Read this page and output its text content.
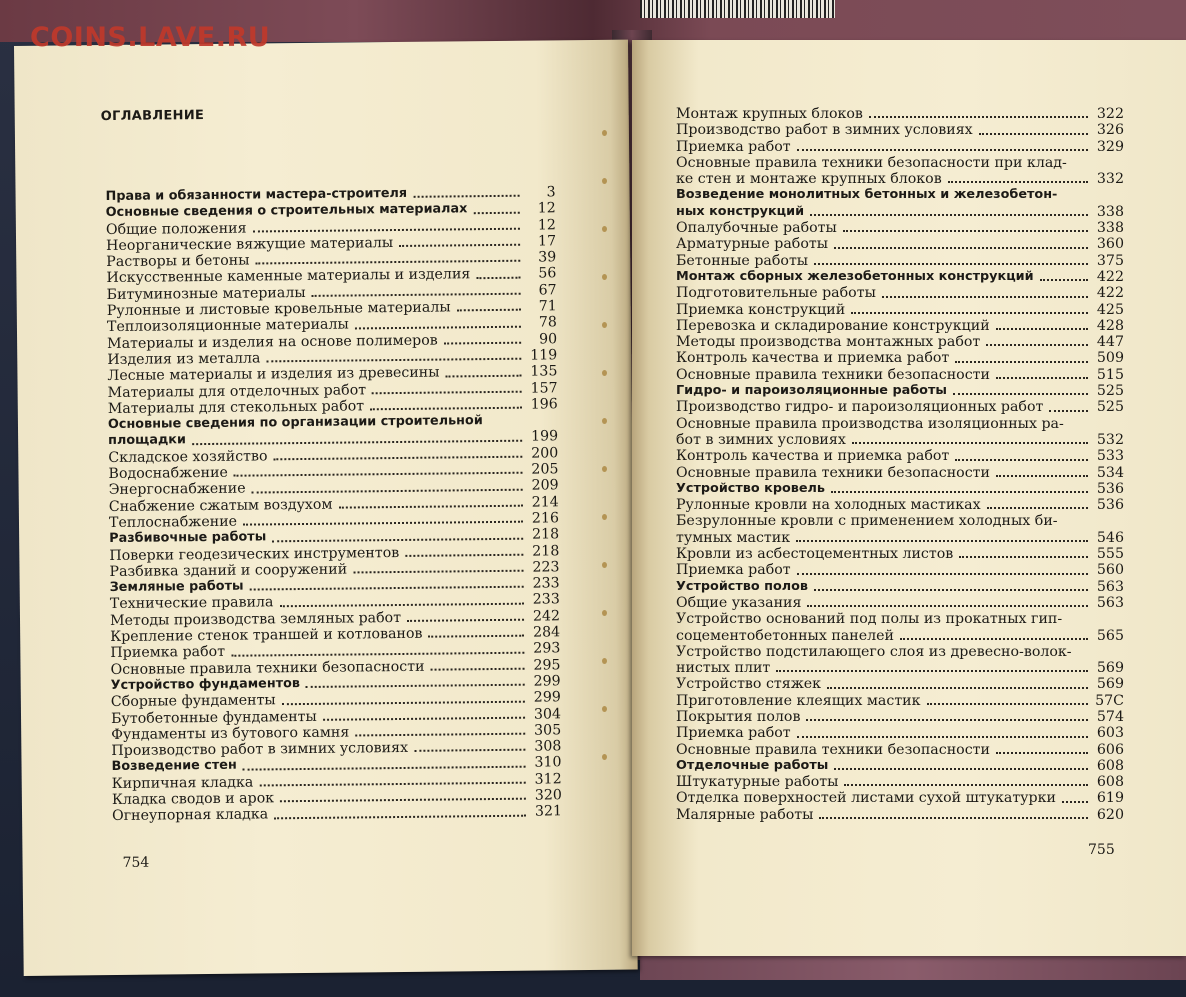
ОГЛАВЛЕНИЕ
Права и обязанности мастера-строителя	3
Основные сведения о строительных материалах	12
Общие положения	12
Неорганические вяжущие материалы	17
Растворы и бетоны	39
Искусственные каменные материалы и изделия	56
Битуминозные материалы	67
Рулонные и листовые кровельные материалы	71
Теплоизоляционные материалы	78
Материалы и изделия на основе полимеров	90
Изделия из металла	119
Лесные материалы и изделия из древесины	135
Материалы для отделочных работ	157
Материалы для стекольных работ	196
Основные сведения по организации строительной
площадки	199
Складское хозяйство	200
Водоснабжение	205
Энергоснабжение	209
Снабжение сжатым воздухом	214
Теплоснабжение	216
Разбивочные работы	218
Поверки геодезических инструментов	218
Разбивка зданий и сооружений	223
Земляные работы	233
Технические правила	233
Методы производства земляных работ	242
Крепление стенок траншей и котлованов	284
Приемка работ	293
Основные правила техники безопасности	295
Устройство фундаментов	299
Сборные фундаменты	299
Бутобетонные фундаменты	304
Фундаменты из бутового камня	305
Производство работ в зимних условиях	308
Возведение стен	310
Кирпичная кладка	312
Кладка сводов и арок	320
Огнеупорная кладка	321
754
Монтаж крупных блоков	322
Производство работ в зимних условиях	326
Приемка работ	329
Основные правила техники безопасности при клад-
ке стен и монтаже крупных блоков	332
Возведение монолитных бетонных и железобетон-
ных конструкций	338
Опалубочные работы	338
Арматурные работы	360
Бетонные работы	375
Монтаж сборных железобетонных конструкций	422
Подготовительные работы	422
Приемка конструкций	425
Перевозка и складирование конструкций	428
Методы производства монтажных работ	447
Контроль качества и приемка работ	509
Основные правила техники безопасности	515
Гидро- и пароизоляционные работы	525
Производство гидро- и пароизоляционных работ	525
Основные правила производства изоляционных ра-
бот в зимних условиях	532
Контроль качества и приемка работ	533
Основные правила техники безопасности	534
Устройство кровель	536
Рулонные кровли на холодных мастиках	536
Безрулонные кровли с применением холодных би-
тумных мастик	546
Кровли из асбестоцементных листов	555
Приемка работ	560
Устройство полов	563
Общие указания	563
Устройство оснований под полы из прокатных гип-
соцементобетонных панелей	565
Устройство подстилающего слоя из древесно-волок-
нистых плит	569
Устройство стяжек	569
Приготовление клеящих мастик	57С
Покрытия полов	574
Приемка работ	603
Основные правила техники безопасности	606
Отделочные работы	608
Штукатурные работы	608
Отделка поверхностей листами сухой штукатурки	619
Малярные работы	620
755
COINS.LAVE.RU
